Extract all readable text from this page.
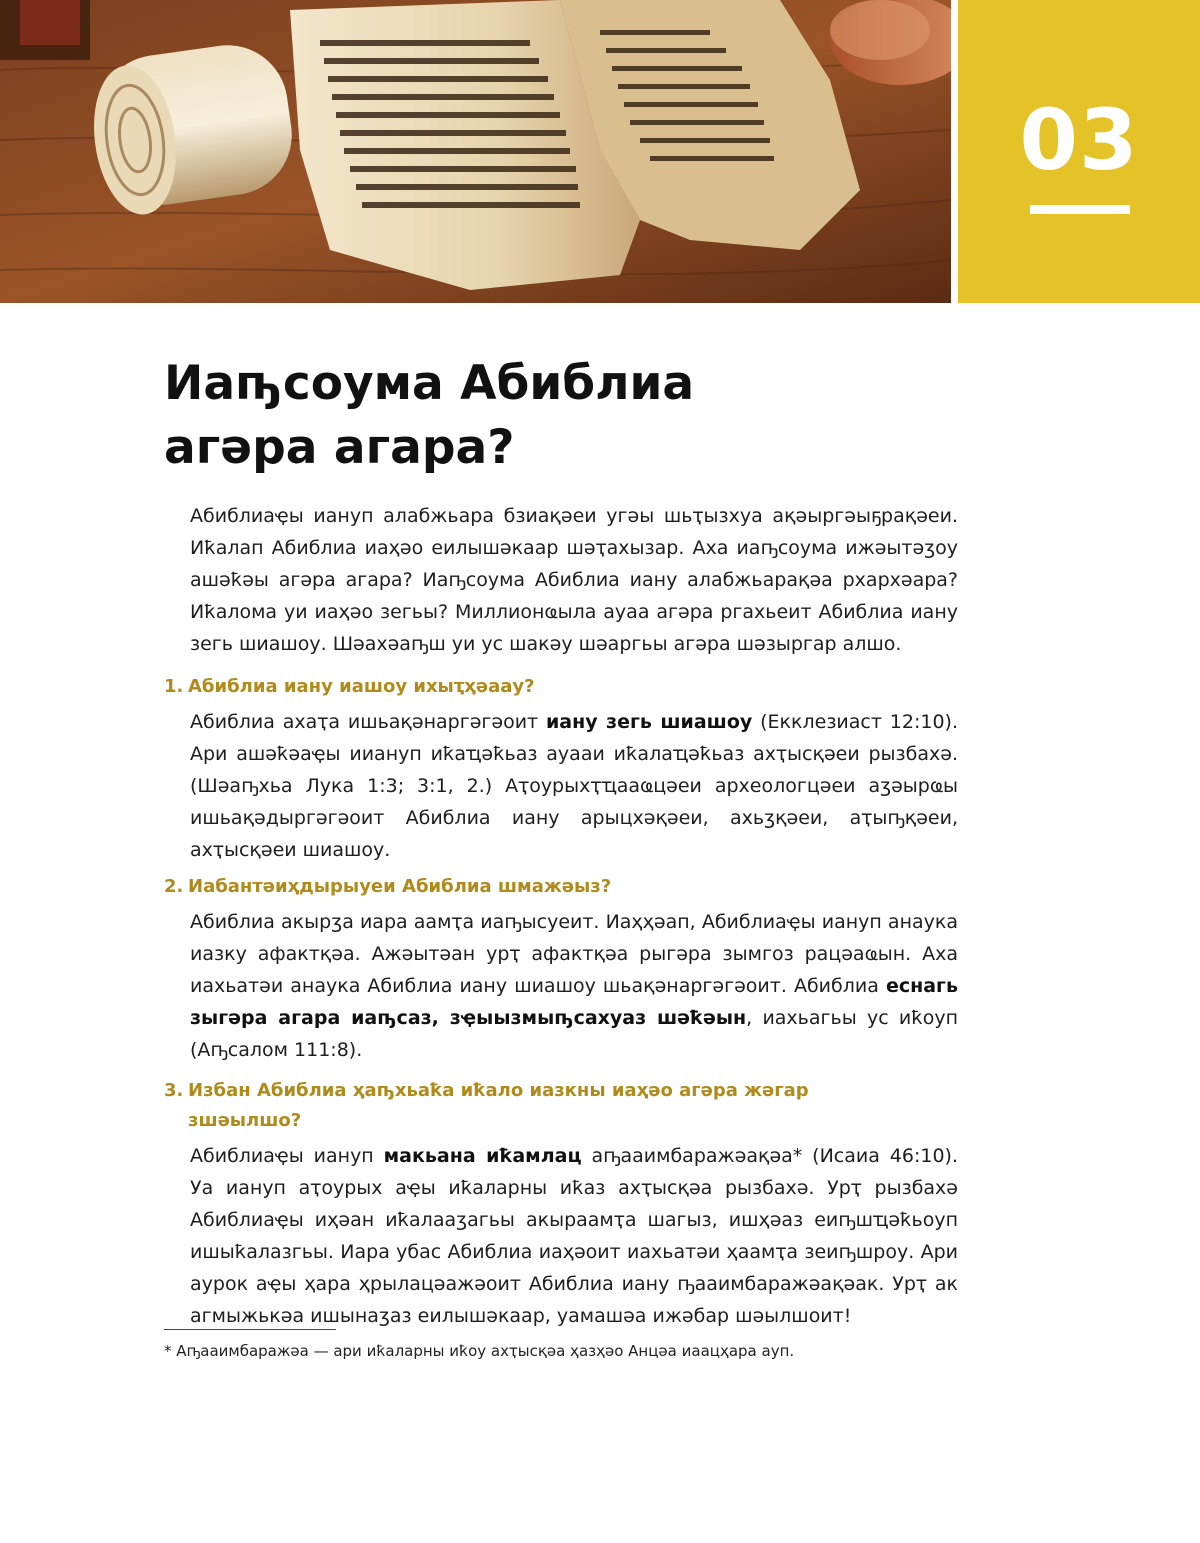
03
Иаҧсоума Абиблиа
агәра агара?

Абиблиаҿы иануп алабжьара бзиақәеи угәы шьҭызхуа ақәыргәыҕрақәеи. Иҟалап Абиблиа иаҳәо еилышәкаар шәҭахызар. Аха иаҧсоума ижәытәӡоу ашәҟәы агәра агара? Иаҧсоума Абиблиа иану алабжьарақәа рхархәара? Иҟалома уи иаҳәо зегьы? Миллионҩыла ауаа агәра ргахьеит Абиблиа иану зегь шиашоу. Шәахәаҧш уи ус шакәу шәаргьы агәра шәзыргар алшо.

1. Абиблиа иану иашоу ихыҭҳәаау?

Абиблиа ахаҭа ишьақәнаргәгәоит иану зегь шиашоу (Екклезиаст 12:10). Ари ашәҟәаҿы ииануп иҟаҵәҟьаз ауааи иҟалаҵәҟьаз ахҭысқәеи рызбахә. (Шәаҧхьа Лука 1:3; 3:1, 2.) Аҭоурыхҭҵааҩцәеи археологцәеи аӡәырҩы ишьақәдыргәгәоит Абиблиа иану арыцхәқәеи, ахьӡқәеи, аҭыҧқәеи, ахҭысқәеи шиашоу.

2. Иабантәиҳдырыуеи Абиблиа шмажәыз?

Абиблиа акырӡа иара аамҭа иаҧысуеит. Иаҳҳәап, Абиблиаҿы иануп анаука иазку афактқәа. Ажәытәан урҭ афактқәа рыгәра зымгоз рацәаҩын. Аха иахьатәи анаука Абиблиа иану шиашоу шьақәнаргәгәоит. Абиблиа еснагь зыгәра агара иаҧсаз, зҿыызмыҧсахуаз шәҟәын, иахьагьы ус иҟоуп (Аҧсалом 111:8).

3. Избан Абиблиа ҳаҧхьаҟа иҟало иазкны иаҳәо агәра жәгар
зшәылшо?

Абиблиаҿы иануп макьана иҟамлац аҧааимбаражәақәа* (Исаиа 46:10). Уа иануп аҭоурых аҿы иҟаларны иҟаз ахҭысқәа рызбахә. Урҭ рызбахә Абиблиаҿы иҳәан иҟалааӡагьы акыраамҭа шагыз, ишҳәаз еиҧшҵәҟьоуп ишыҟалазгьы. Иара убас Абиблиа иаҳәоит иахьатәи ҳаамҭа зеиҧшроу. Ари аурок аҿы ҳара ҳрылацәажәоит Абиблиа иану ҧааимбаражәақәак. Урҭ ак агмыжькәа ишынаӡаз еилышәкаар, уамашәа ижәбар шәылшоит!

* Аҧааимбаражәа — ари иҟаларны иҟоу ахҭысқәа ҳазҳәо Анцәа иаацҳара ауп.
